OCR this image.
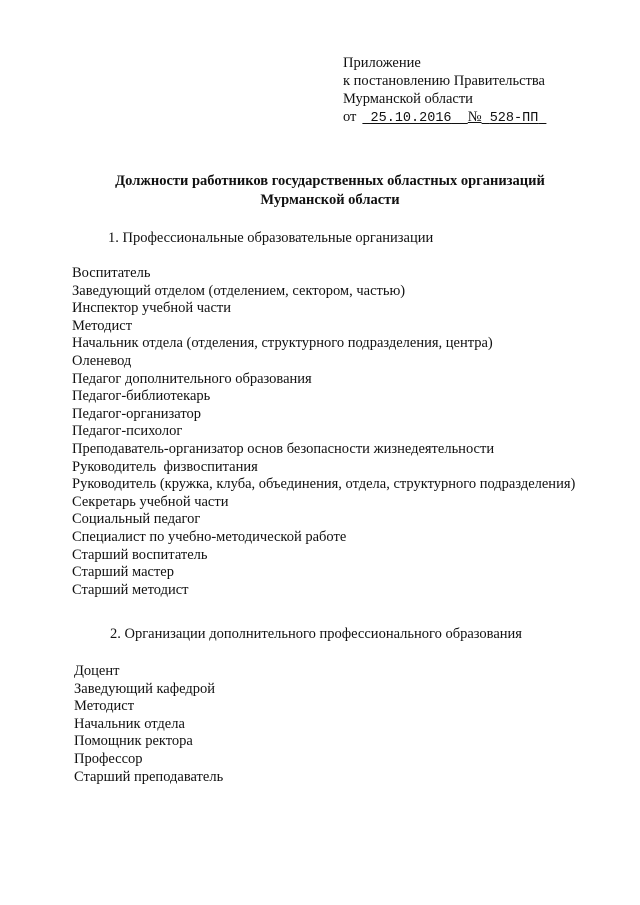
Приложение
к постановлению Правительства
Мурманской области
от 25.10.2016 № 528-ПП
Должности работников государственных областных организаций
Мурманской области
1. Профессиональные образовательные организации
Воспитатель
Заведующий отделом (отделением, сектором, частью)
Инспектор учебной части
Методист
Начальник отдела (отделения, структурного подразделения, центра)
Оленевод
Педагог дополнительного образования
Педагог-библиотекарь
Педагог-организатор
Педагог-психолог
Преподаватель-организатор основ безопасности жизнедеятельности
Руководитель  физвоспитания
Руководитель (кружка, клуба, объединения, отдела, структурного подразделения)
Секретарь учебной части
Социальный педагог
Специалист по учебно-методической работе
Старший воспитатель
Старший мастер
Старший методист
2. Организации дополнительного профессионального образования
Доцент
Заведующий кафедрой
Методист
Начальник отдела
Помощник ректора
Профессор
Старший преподаватель
